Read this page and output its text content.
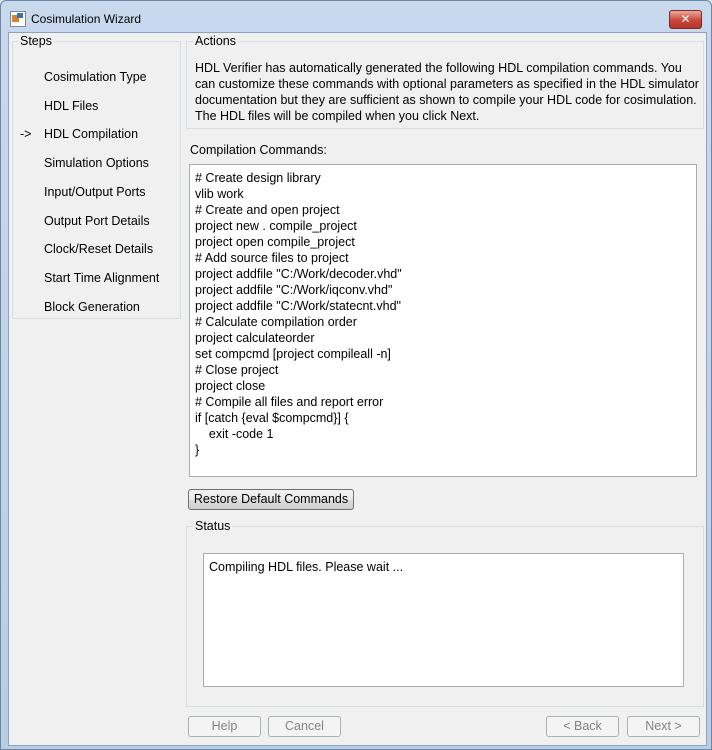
Cosimulation Wizard	✕
Cosimulation Type
HDL Files
-> HDL Compilation
Simulation Options
Input/Output Ports
Output Port Details
Clock/Reset Details
Start Time Alignment
Block Generation
Steps
HDL Verifier has automatically generated the following HDL compilation commands. You can customize these commands with optional parameters as specified in the HDL simulator documentation but they are sufficient as shown to compile your HDL code for cosimulation. The HDL files will be compiled when you click Next.
Actions
Compilation Commands:
# Create design library
vlib work
# Create and open project
project new . compile_project
project open compile_project
# Add source files to project
project addfile "C:/Work/decoder.vhd"
project addfile "C:/Work/iqconv.vhd"
project addfile "C:/Work/statecnt.vhd"
# Calculate compilation order
project calculateorder
set compcmd [project compileall -n]
# Close project
project close
# Compile all files and report error
if [catch {eval $compcmd}] {
exit -code 1
}
Restore Default Commands
Compiling HDL files. Please wait ...
Status
Help	Cancel	< Back	Next >
